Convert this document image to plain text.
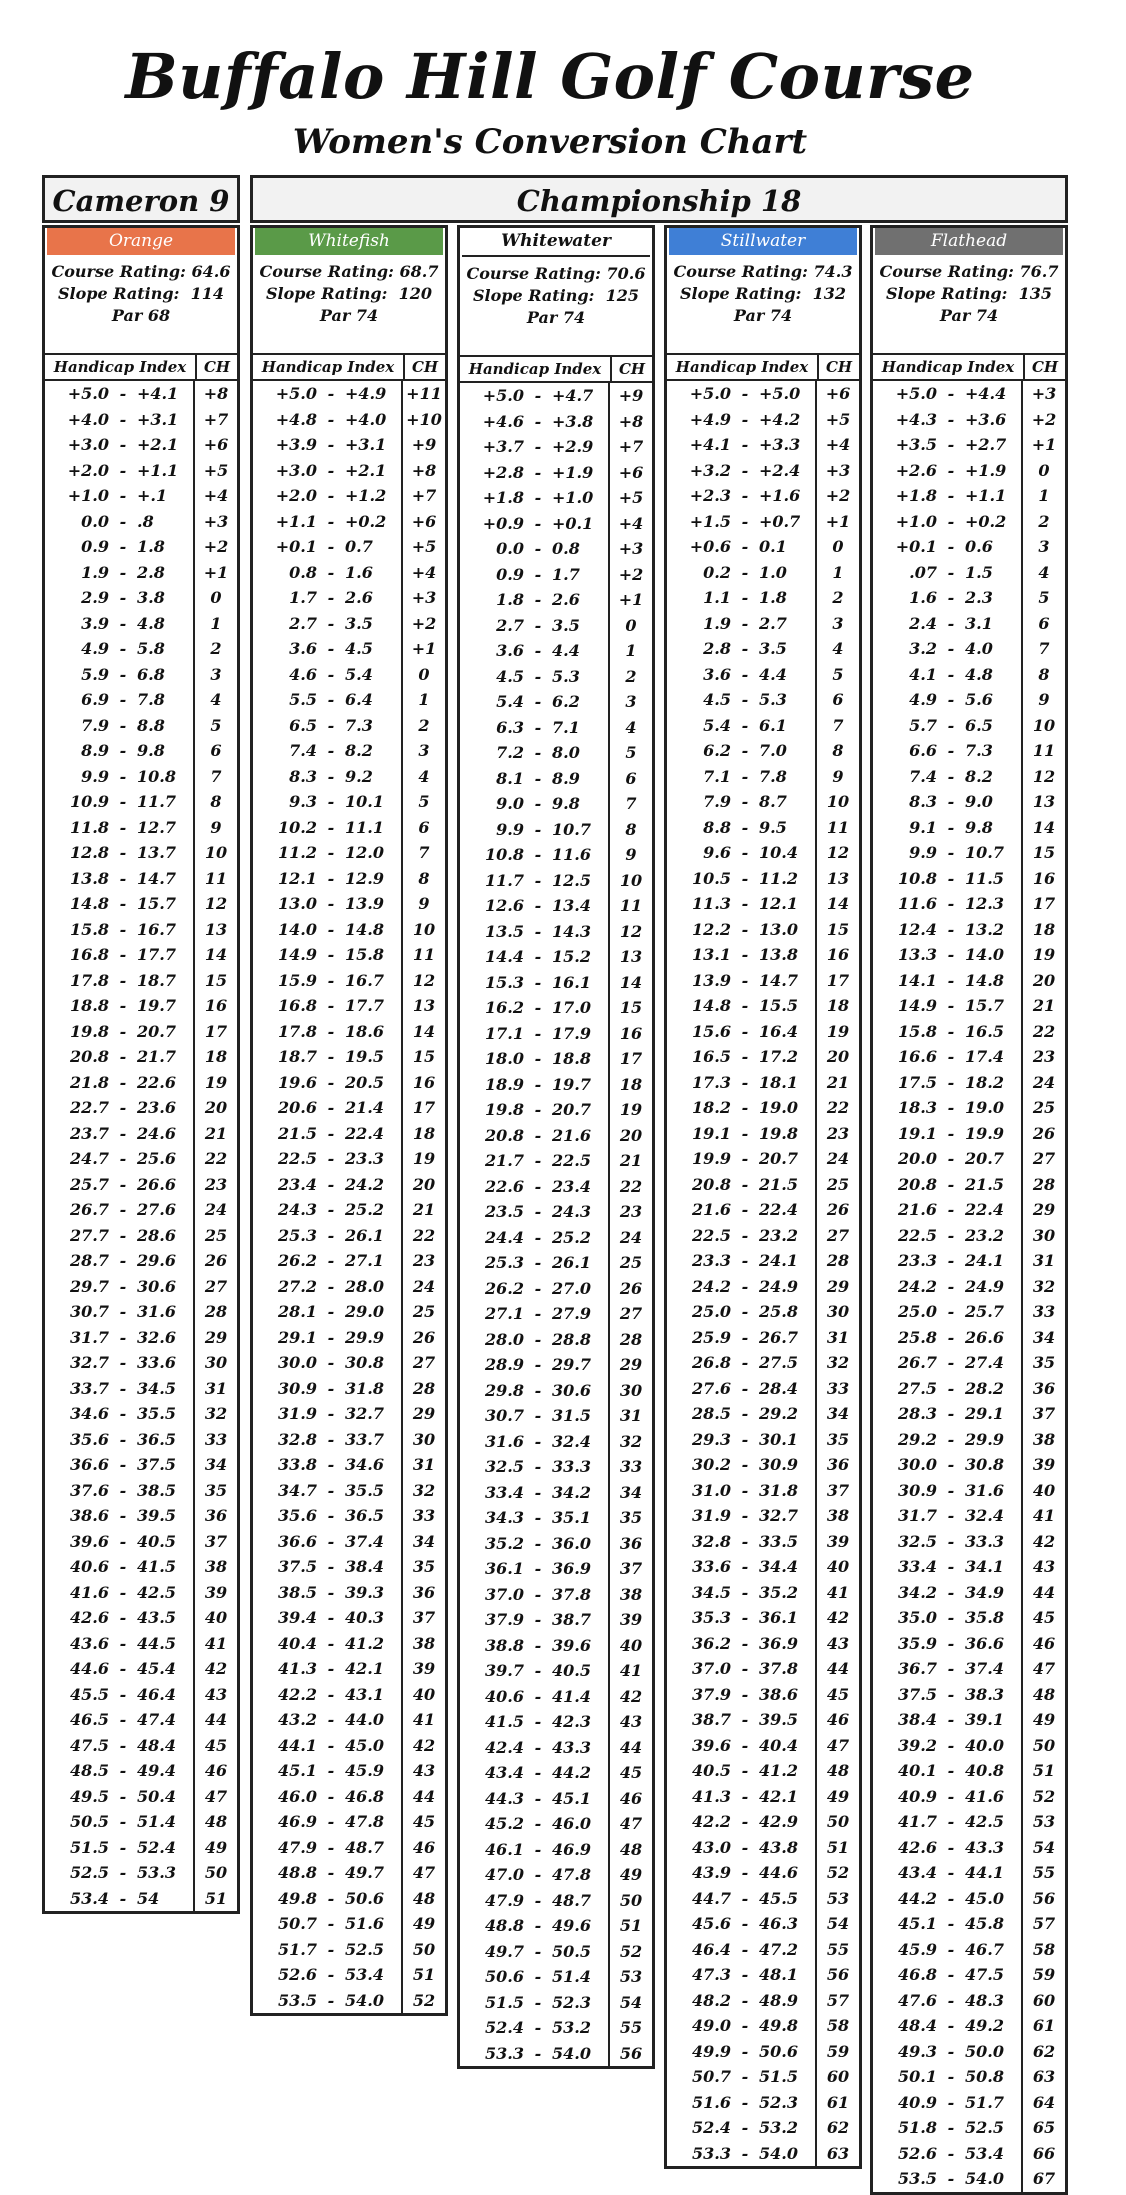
Buffalo Hill Golf Course
Women's Conversion Chart
Cameron 9	Championship 18
Orange
Course Rating: 64.6
Slope Rating:  114
Par 68
Handicap Index	CH
+5.0 - +4.1	+8
+4.0 - +3.1	+7
+3.0 - +2.1	+6
+2.0 - +1.1	+5
+1.0 - +.1	+4
0.0 - .8	+3
0.9 - 1.8	+2
1.9 - 2.8	+1
2.9 - 3.8	0
3.9 - 4.8	1
4.9 - 5.8	2
5.9 - 6.8	3
6.9 - 7.8	4
7.9 - 8.8	5
8.9 - 9.8	6
9.9 - 10.8	7
10.9 - 11.7	8
11.8 - 12.7	9
12.8 - 13.7	10
13.8 - 14.7	11
14.8 - 15.7	12
15.8 - 16.7	13
16.8 - 17.7	14
17.8 - 18.7	15
18.8 - 19.7	16
19.8 - 20.7	17
20.8 - 21.7	18
21.8 - 22.6	19
22.7 - 23.6	20
23.7 - 24.6	21
24.7 - 25.6	22
25.7 - 26.6	23
26.7 - 27.6	24
27.7 - 28.6	25
28.7 - 29.6	26
29.7 - 30.6	27
30.7 - 31.6	28
31.7 - 32.6	29
32.7 - 33.6	30
33.7 - 34.5	31
34.6 - 35.5	32
35.6 - 36.5	33
36.6 - 37.5	34
37.6 - 38.5	35
38.6 - 39.5	36
39.6 - 40.5	37
40.6 - 41.5	38
41.6 - 42.5	39
42.6 - 43.5	40
43.6 - 44.5	41
44.6 - 45.4	42
45.5 - 46.4	43
46.5 - 47.4	44
47.5 - 48.4	45
48.5 - 49.4	46
49.5 - 50.4	47
50.5 - 51.4	48
51.5 - 52.4	49
52.5 - 53.3	50
53.4 - 54	51
Whitefish
Course Rating: 68.7
Slope Rating:  120
Par 74
Handicap Index	CH
+5.0 - +4.9	+11
+4.8 - +4.0	+10
+3.9 - +3.1	+9
+3.0 - +2.1	+8
+2.0 - +1.2	+7
+1.1 - +0.2	+6
+0.1 - 0.7	+5
0.8 - 1.6	+4
1.7 - 2.6	+3
2.7 - 3.5	+2
3.6 - 4.5	+1
4.6 - 5.4	0
5.5 - 6.4	1
6.5 - 7.3	2
7.4 - 8.2	3
8.3 - 9.2	4
9.3 - 10.1	5
10.2 - 11.1	6
11.2 - 12.0	7
12.1 - 12.9	8
13.0 - 13.9	9
14.0 - 14.8	10
14.9 - 15.8	11
15.9 - 16.7	12
16.8 - 17.7	13
17.8 - 18.6	14
18.7 - 19.5	15
19.6 - 20.5	16
20.6 - 21.4	17
21.5 - 22.4	18
22.5 - 23.3	19
23.4 - 24.2	20
24.3 - 25.2	21
25.3 - 26.1	22
26.2 - 27.1	23
27.2 - 28.0	24
28.1 - 29.0	25
29.1 - 29.9	26
30.0 - 30.8	27
30.9 - 31.8	28
31.9 - 32.7	29
32.8 - 33.7	30
33.8 - 34.6	31
34.7 - 35.5	32
35.6 - 36.5	33
36.6 - 37.4	34
37.5 - 38.4	35
38.5 - 39.3	36
39.4 - 40.3	37
40.4 - 41.2	38
41.3 - 42.1	39
42.2 - 43.1	40
43.2 - 44.0	41
44.1 - 45.0	42
45.1 - 45.9	43
46.0 - 46.8	44
46.9 - 47.8	45
47.9 - 48.7	46
48.8 - 49.7	47
49.8 - 50.6	48
50.7 - 51.6	49
51.7 - 52.5	50
52.6 - 53.4	51
53.5 - 54.0	52
Whitewater
Course Rating: 70.6
Slope Rating:  125
Par 74
Handicap Index	CH
+5.0 - +4.7	+9
+4.6 - +3.8	+8
+3.7 - +2.9	+7
+2.8 - +1.9	+6
+1.8 - +1.0	+5
+0.9 - +0.1	+4
0.0 - 0.8	+3
0.9 - 1.7	+2
1.8 - 2.6	+1
2.7 - 3.5	0
3.6 - 4.4	1
4.5 - 5.3	2
5.4 - 6.2	3
6.3 - 7.1	4
7.2 - 8.0	5
8.1 - 8.9	6
9.0 - 9.8	7
9.9 - 10.7	8
10.8 - 11.6	9
11.7 - 12.5	10
12.6 - 13.4	11
13.5 - 14.3	12
14.4 - 15.2	13
15.3 - 16.1	14
16.2 - 17.0	15
17.1 - 17.9	16
18.0 - 18.8	17
18.9 - 19.7	18
19.8 - 20.7	19
20.8 - 21.6	20
21.7 - 22.5	21
22.6 - 23.4	22
23.5 - 24.3	23
24.4 - 25.2	24
25.3 - 26.1	25
26.2 - 27.0	26
27.1 - 27.9	27
28.0 - 28.8	28
28.9 - 29.7	29
29.8 - 30.6	30
30.7 - 31.5	31
31.6 - 32.4	32
32.5 - 33.3	33
33.4 - 34.2	34
34.3 - 35.1	35
35.2 - 36.0	36
36.1 - 36.9	37
37.0 - 37.8	38
37.9 - 38.7	39
38.8 - 39.6	40
39.7 - 40.5	41
40.6 - 41.4	42
41.5 - 42.3	43
42.4 - 43.3	44
43.4 - 44.2	45
44.3 - 45.1	46
45.2 - 46.0	47
46.1 - 46.9	48
47.0 - 47.8	49
47.9 - 48.7	50
48.8 - 49.6	51
49.7 - 50.5	52
50.6 - 51.4	53
51.5 - 52.3	54
52.4 - 53.2	55
53.3 - 54.0	56
Stillwater
Course Rating: 74.3
Slope Rating:  132
Par 74
Handicap Index	CH
+5.0 - +5.0	+6
+4.9 - +4.2	+5
+4.1 - +3.3	+4
+3.2 - +2.4	+3
+2.3 - +1.6	+2
+1.5 - +0.7	+1
+0.6 - 0.1	0
0.2 - 1.0	1
1.1 - 1.8	2
1.9 - 2.7	3
2.8 - 3.5	4
3.6 - 4.4	5
4.5 - 5.3	6
5.4 - 6.1	7
6.2 - 7.0	8
7.1 - 7.8	9
7.9 - 8.7	10
8.8 - 9.5	11
9.6 - 10.4	12
10.5 - 11.2	13
11.3 - 12.1	14
12.2 - 13.0	15
13.1 - 13.8	16
13.9 - 14.7	17
14.8 - 15.5	18
15.6 - 16.4	19
16.5 - 17.2	20
17.3 - 18.1	21
18.2 - 19.0	22
19.1 - 19.8	23
19.9 - 20.7	24
20.8 - 21.5	25
21.6 - 22.4	26
22.5 - 23.2	27
23.3 - 24.1	28
24.2 - 24.9	29
25.0 - 25.8	30
25.9 - 26.7	31
26.8 - 27.5	32
27.6 - 28.4	33
28.5 - 29.2	34
29.3 - 30.1	35
30.2 - 30.9	36
31.0 - 31.8	37
31.9 - 32.7	38
32.8 - 33.5	39
33.6 - 34.4	40
34.5 - 35.2	41
35.3 - 36.1	42
36.2 - 36.9	43
37.0 - 37.8	44
37.9 - 38.6	45
38.7 - 39.5	46
39.6 - 40.4	47
40.5 - 41.2	48
41.3 - 42.1	49
42.2 - 42.9	50
43.0 - 43.8	51
43.9 - 44.6	52
44.7 - 45.5	53
45.6 - 46.3	54
46.4 - 47.2	55
47.3 - 48.1	56
48.2 - 48.9	57
49.0 - 49.8	58
49.9 - 50.6	59
50.7 - 51.5	60
51.6 - 52.3	61
52.4 - 53.2	62
53.3 - 54.0	63
Flathead
Course Rating: 76.7
Slope Rating:  135
Par 74
Handicap Index	CH
+5.0 - +4.4	+3
+4.3 - +3.6	+2
+3.5 - +2.7	+1
+2.6 - +1.9	0
+1.8 - +1.1	1
+1.0 - +0.2	2
+0.1 - 0.6	3
.07 - 1.5	4
1.6 - 2.3	5
2.4 - 3.1	6
3.2 - 4.0	7
4.1 - 4.8	8
4.9 - 5.6	9
5.7 - 6.5	10
6.6 - 7.3	11
7.4 - 8.2	12
8.3 - 9.0	13
9.1 - 9.8	14
9.9 - 10.7	15
10.8 - 11.5	16
11.6 - 12.3	17
12.4 - 13.2	18
13.3 - 14.0	19
14.1 - 14.8	20
14.9 - 15.7	21
15.8 - 16.5	22
16.6 - 17.4	23
17.5 - 18.2	24
18.3 - 19.0	25
19.1 - 19.9	26
20.0 - 20.7	27
20.8 - 21.5	28
21.6 - 22.4	29
22.5 - 23.2	30
23.3 - 24.1	31
24.2 - 24.9	32
25.0 - 25.7	33
25.8 - 26.6	34
26.7 - 27.4	35
27.5 - 28.2	36
28.3 - 29.1	37
29.2 - 29.9	38
30.0 - 30.8	39
30.9 - 31.6	40
31.7 - 32.4	41
32.5 - 33.3	42
33.4 - 34.1	43
34.2 - 34.9	44
35.0 - 35.8	45
35.9 - 36.6	46
36.7 - 37.4	47
37.5 - 38.3	48
38.4 - 39.1	49
39.2 - 40.0	50
40.1 - 40.8	51
40.9 - 41.6	52
41.7 - 42.5	53
42.6 - 43.3	54
43.4 - 44.1	55
44.2 - 45.0	56
45.1 - 45.8	57
45.9 - 46.7	58
46.8 - 47.5	59
47.6 - 48.3	60
48.4 - 49.2	61
49.3 - 50.0	62
50.1 - 50.8	63
40.9 - 51.7	64
51.8 - 52.5	65
52.6 - 53.4	66
53.5 - 54.0	67
